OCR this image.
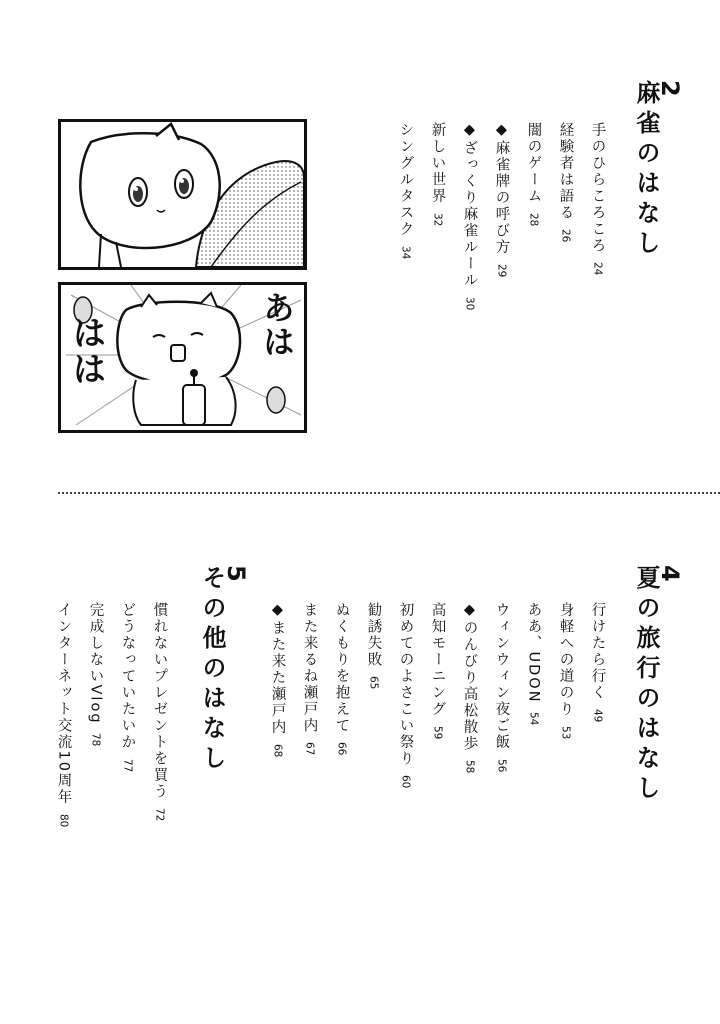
2
麻雀のはなし
手のひらころころ24
経験者は語る26
闇のゲーム28
◆麻雀牌の呼び方29
◆ざっくり麻雀ルール30
新しい世界32
シングルタスク34
あは
はは
4
夏の旅行のはなし
行けたら行く49
身軽への道のり53
ああ、UDON54
ウィンウィン夜ご飯56
◆のんびり高松散歩58
高知モーニング59
初めてのよさこい祭り60
勧誘失敗65
ぬくもりを抱えて66
また来るね瀬戸内67
◆また来た瀬戸内68
5
その他のはなし
慣れないプレゼントを買う72
どうなっていたいか77
完成しないVlog78
インターネット交流10周年80
